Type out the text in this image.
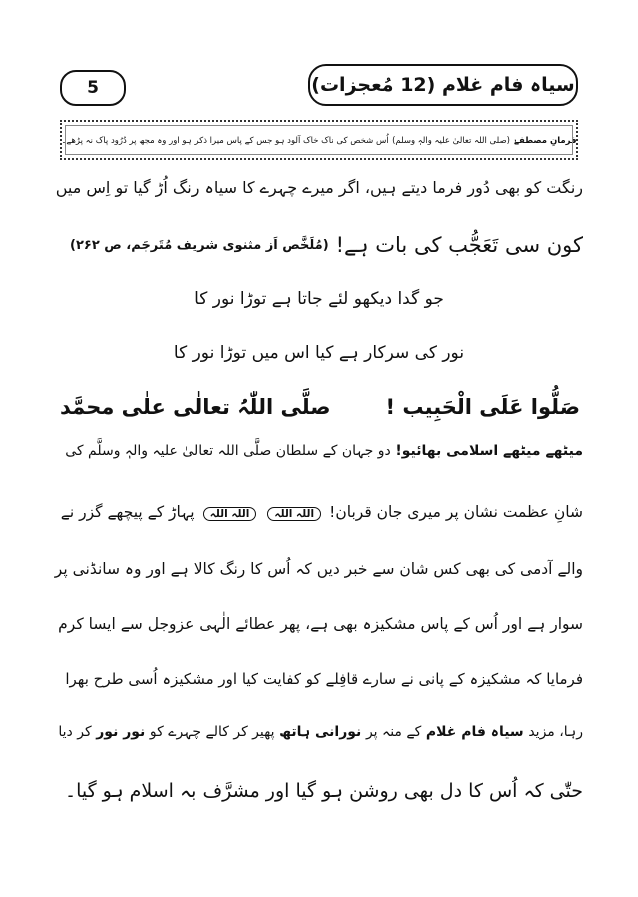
5	سیاہ فام غلام (12 مُعجزات)
فرمانِ مصطفےٰ
(صلی اللہ تعالیٰ علیہ والہٖ وسلم)

اُس شخص کی ناک خاک آلود ہو جس کے پاس میرا ذکر ہو اور وہ مجھ پر دُرُود پاک نہ پڑھے۔
رنگت کو بھی دُور فرما دیتے ہیں، اگر میرے چہرے کا سیاہ رنگ اُڑ گیا تو اِس میں
کون سی تَعَجُّب کی بات ہے!
(مُلَخَّص اَز مثنوی شریف مُتَرجَم، ص ۲۶۲)
جو گدا دیکھو لئے جاتا ہے توڑا نور کا
نور کی سرکار ہے کیا اس میں توڑا نور کا
صَلُّوا عَلَی الْحَبِیب !
صلَّی اللّٰہُ تعالٰی علٰی محمَّد
میٹھے میٹھے اسلامی بھائیو! دو جہان کے سلطان صلَّی اللہ تعالیٰ علیہ والہٖ وسلَّم کی
شانِ عظمت نشان پر میری جان قربان! اللہ اللہ اللہ اللہ پہاڑ کے پیچھے گزر نے
والے آدمی کی بھی کس شان سے خبر دیں کہ اُس کا رنگ کالا ہے اور وہ سانڈنی پر
سوار ہے اور اُس کے پاس مشکیزہ بھی ہے، پھر عطائے الٰہی عزوجل سے ایسا کرم
فرمایا کہ مشکیزہ کے پانی نے سارے قافِلے کو کفایت کیا اور مشکیزہ اُسی طرح بھرا
رہا، مزید سیاہ فام غلام کے منہ پر نورانی ہاتھ پھیر کر کالے چہرے کو نور نور کر دیا
حتّٰی کہ اُس کا دل بھی روشن ہو گیا اور مشرَّف بہ اسلام ہو گیا۔
